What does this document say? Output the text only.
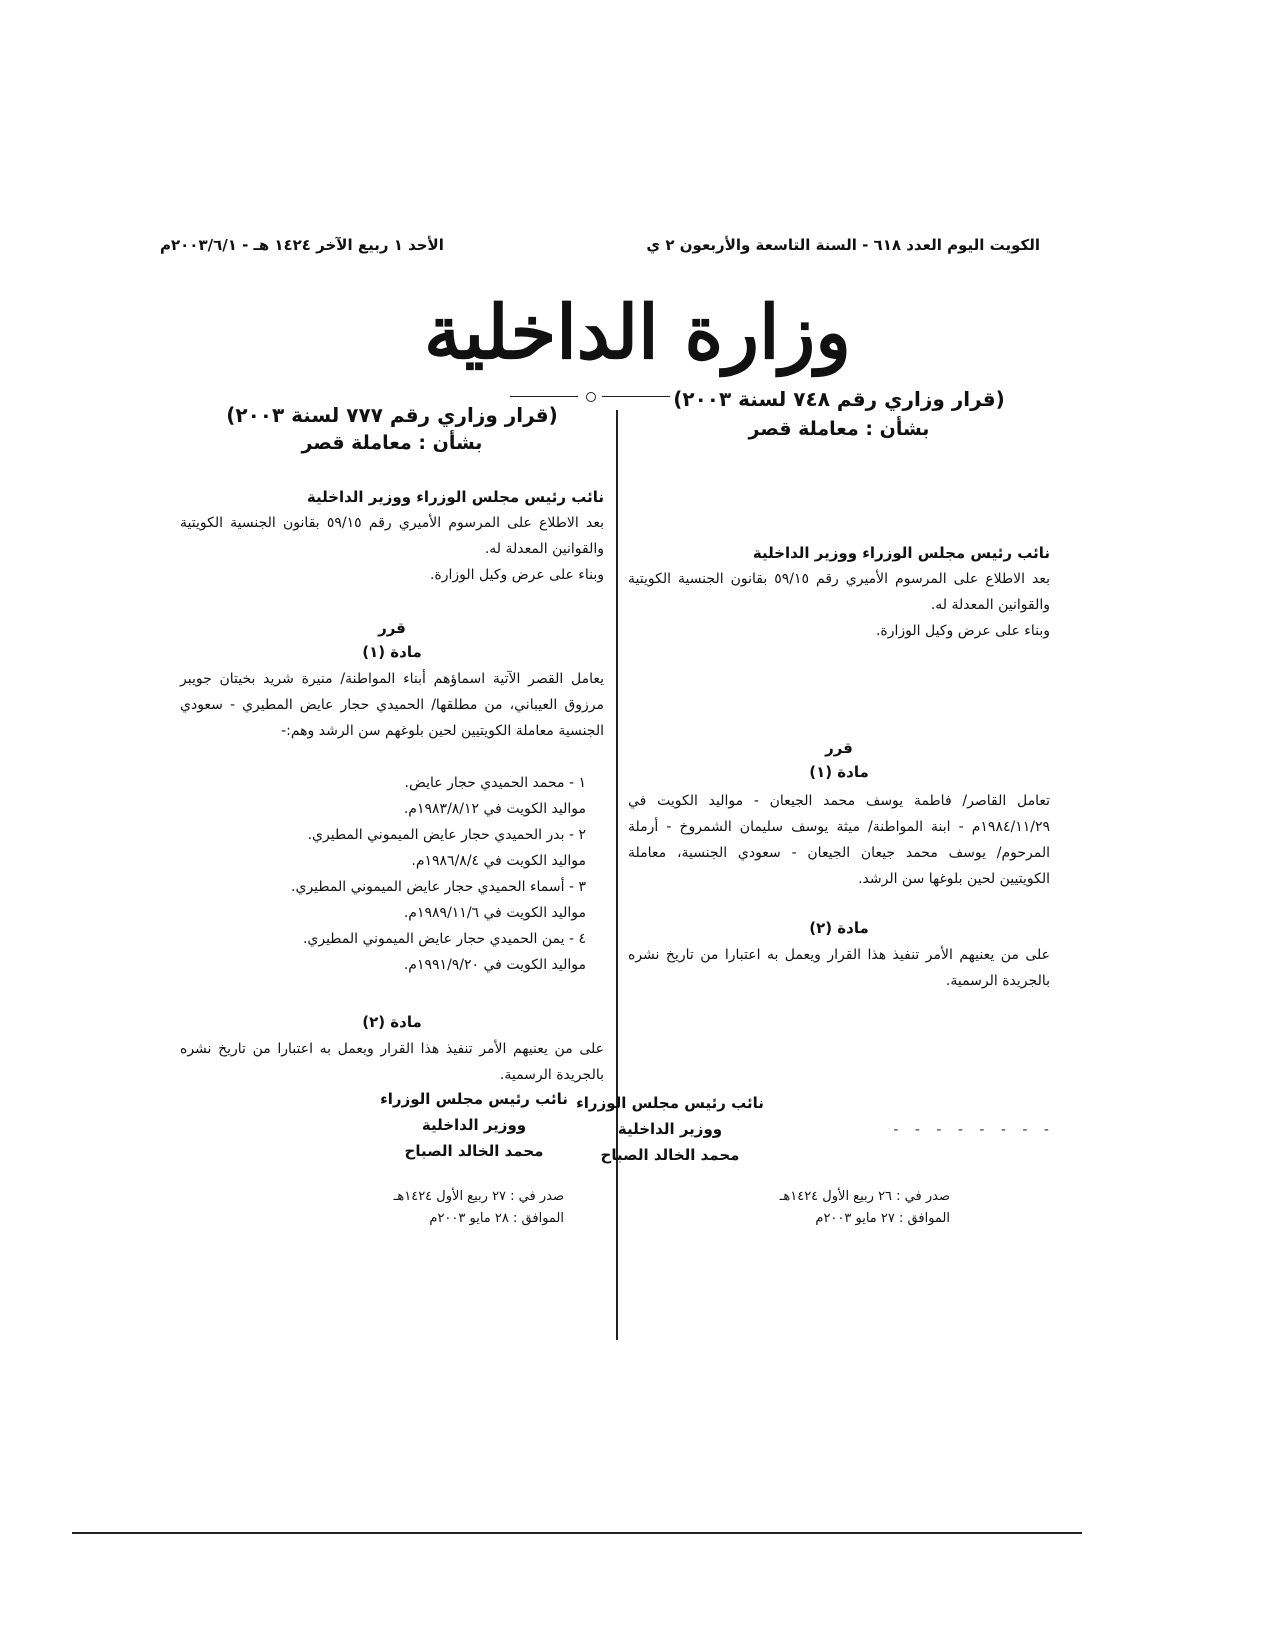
الكويت اليوم العدد ٦١٨ - السنة التاسعة والأربعون ٢ ي
الأحد ١ ربيع الآخر ١٤٢٤ هـ - ٢٠٠٣/٦/١م
وزارة الداخلية
(قرار وزاري رقم ٧٤٨ لسنة ٢٠٠٣)
بشأن : معاملة قصر
نائب رئيس مجلس الوزراء ووزير الداخلية
بعد الاطلاع على المرسوم الأميري رقم ٥٩/١٥ بقانون الجنسية الكويتية والقوانين المعدلة له.
وبناء على عرض وكيل الوزارة.
قرر
مادة (١)
تعامل القاصر/ فاطمة يوسف محمد الجيعان - مواليد الكويت في ١٩٨٤/١١/٢٩م - ابنة المواطنة/ ميثة يوسف سليمان الشمروخ - أرملة المرحوم/ يوسف محمد جيعان الجيعان - سعودي الجنسية، معاملة الكويتيين لحين بلوغها سن الرشد.
مادة (٢)
على من يعنيهم الأمر تنفيذ هذا القرار ويعمل به اعتبارا من تاريخ نشره بالجريدة الرسمية.
نائب رئيس مجلس الوزراء
ووزير الداخلية
محمد الخالد الصباح
صدر في : ٢٦ ربيع الأول ١٤٢٤هـ
الموافق : ٢٧ مايو ٢٠٠٣م
- - - - - - - -
(قرار وزاري رقم ٧٧٧ لسنة ٢٠٠٣)
بشأن : معاملة قصر
نائب رئيس مجلس الوزراء ووزير الداخلية
بعد الاطلاع على المرسوم الأميري رقم ٥٩/١٥ بقانون الجنسية الكويتية والقوانين المعدلة له.
وبناء على عرض وكيل الوزارة.
قرر
مادة (١)
يعامل القصر الآتية اسماؤهم أبناء المواطنة/ منيرة شريد بخيتان جويبر مرزوق العيباني، من مطلقها/ الحميدي حجار عايض المطيري - سعودي الجنسية معاملة الكويتيين لحين بلوغهم سن الرشد وهم:-
١ - محمد الحميدي حجار عايض.
مواليد الكويت في ١٩٨٣/٨/١٢م.
٢ - بدر الحميدي حجار عايض الميموني المطيري.
مواليد الكويت في ١٩٨٦/٨/٤م.
٣ - أسماء الحميدي حجار عايض الميموني المطيري.
مواليد الكويت في ١٩٨٩/١١/٦م.
٤ - يمن الحميدي حجار عايض الميموني المطيري.
مواليد الكويت في ١٩٩١/٩/٢٠م.
مادة (٢)
على من يعنيهم الأمر تنفيذ هذا القرار ويعمل به اعتبارا من تاريخ نشره بالجريدة الرسمية.
نائب رئيس مجلس الوزراء
ووزير الداخلية
محمد الخالد الصباح
صدر في : ٢٧ ربيع الأول ١٤٢٤هـ
الموافق : ٢٨ مايو ٢٠٠٣م
